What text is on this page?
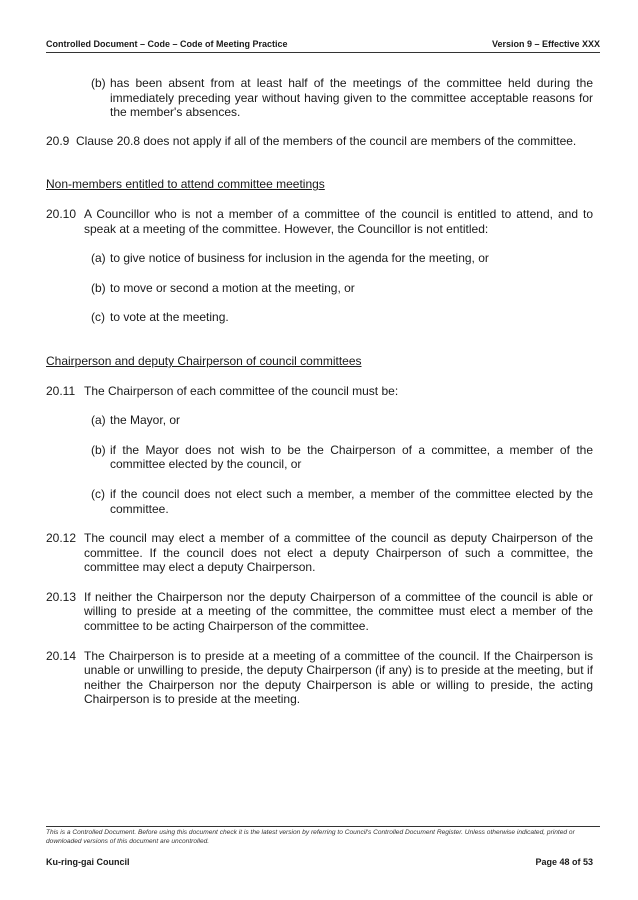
Controlled Document – Code – Code of Meeting Practice	Version 9 – Effective XXX
(b) has been absent from at least half of the meetings of the committee held during the immediately preceding year without having given to the committee acceptable reasons for the member's absences.
20.9 Clause 20.8 does not apply if all of the members of the council are members of the committee.
Non-members entitled to attend committee meetings
20.10 A Councillor who is not a member of a committee of the council is entitled to attend, and to speak at a meeting of the committee. However, the Councillor is not entitled:
(a) to give notice of business for inclusion in the agenda for the meeting, or
(b) to move or second a motion at the meeting, or
(c) to vote at the meeting.
Chairperson and deputy Chairperson of council committees
20.11 The Chairperson of each committee of the council must be:
(a) the Mayor, or
(b) if the Mayor does not wish to be the Chairperson of a committee, a member of the committee elected by the council, or
(c) if the council does not elect such a member, a member of the committee elected by the committee.
20.12 The council may elect a member of a committee of the council as deputy Chairperson of the committee. If the council does not elect a deputy Chairperson of such a committee, the committee may elect a deputy Chairperson.
20.13 If neither the Chairperson nor the deputy Chairperson of a committee of the council is able or willing to preside at a meeting of the committee, the committee must elect a member of the committee to be acting Chairperson of the committee.
20.14 The Chairperson is to preside at a meeting of a committee of the council. If the Chairperson is unable or unwilling to preside, the deputy Chairperson (if any) is to preside at the meeting, but if neither the Chairperson nor the deputy Chairperson is able or willing to preside, the acting Chairperson is to preside at the meeting.
This is a Controlled Document. Before using this document check it is the latest version by referring to Council's Controlled Document Register. Unless otherwise indicated, printed or downloaded versions of this document are uncontrolled.
Ku-ring-gai Council	Page 48 of 53
